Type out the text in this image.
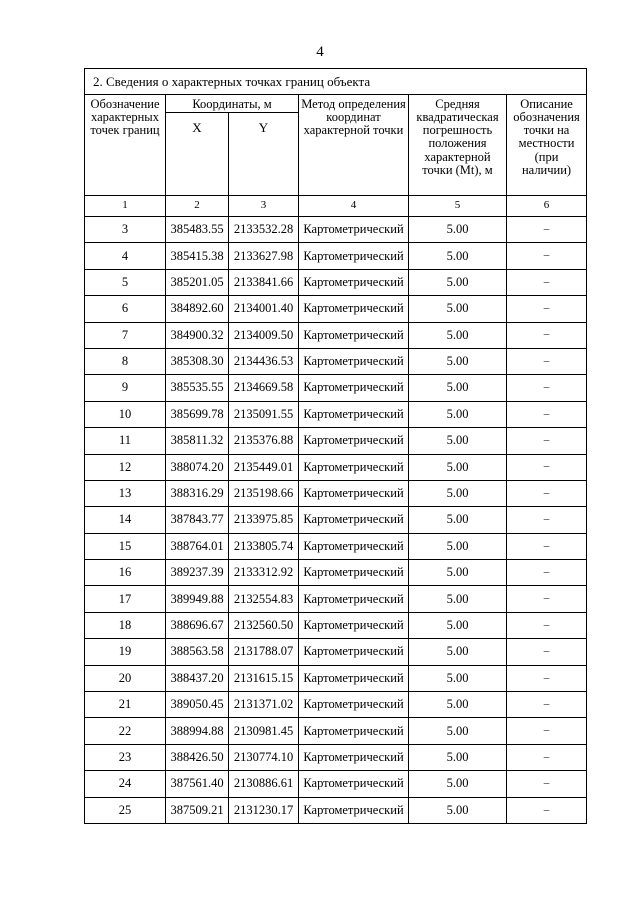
4
2. Сведения о характерных точках границ объекта					
Обозначение характерных точек границ	Координаты, м		Метод определения координат характерной точки	Средняя квадратическая погрешность положения характерной точки (Mt), м	Описание обозначения точки на местности (при наличии)
	X	Y			
1	2	3	4	5	6
3	385483.55	2133532.28	Картометрический	5.00	–
4	385415.38	2133627.98	Картометрический	5.00	–
5	385201.05	2133841.66	Картометрический	5.00	–
6	384892.60	2134001.40	Картометрический	5.00	–
7	384900.32	2134009.50	Картометрический	5.00	–
8	385308.30	2134436.53	Картометрический	5.00	–
9	385535.55	2134669.58	Картометрический	5.00	–
10	385699.78	2135091.55	Картометрический	5.00	–
11	385811.32	2135376.88	Картометрический	5.00	–
12	388074.20	2135449.01	Картометрический	5.00	–
13	388316.29	2135198.66	Картометрический	5.00	–
14	387843.77	2133975.85	Картометрический	5.00	–
15	388764.01	2133805.74	Картометрический	5.00	–
16	389237.39	2133312.92	Картометрический	5.00	–
17	389949.88	2132554.83	Картометрический	5.00	–
18	388696.67	2132560.50	Картометрический	5.00	–
19	388563.58	2131788.07	Картометрический	5.00	–
20	388437.20	2131615.15	Картометрический	5.00	–
21	389050.45	2131371.02	Картометрический	5.00	–
22	388994.88	2130981.45	Картометрический	5.00	–
23	388426.50	2130774.10	Картометрический	5.00	–
24	387561.40	2130886.61	Картометрический	5.00	–
25	387509.21	2131230.17	Картометрический	5.00	–
